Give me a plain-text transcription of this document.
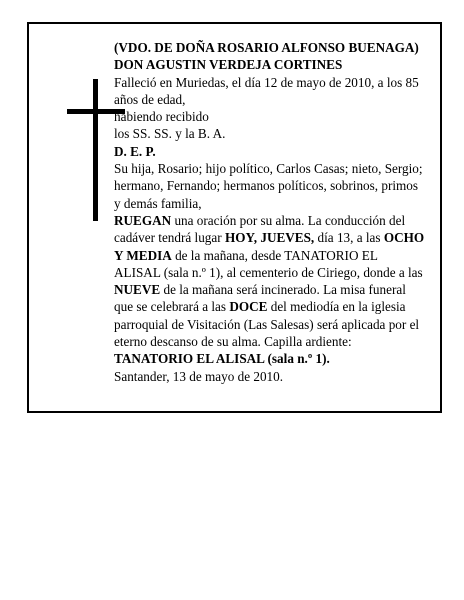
(VDO. DE DOÑA ROSARIO ALFONSO BUENAGA)

DON AGUSTIN VERDEJA CORTINES

Falleció en Muriedas, el día 12 de mayo de 2010, a los 85 años de edad,

habiendo recibido

los SS. SS. y la B. A.

D. E. P.

Su hija, Rosario; hijo político, Carlos Casas; nieto, Sergio; hermano, Fernando; hermanos políticos, sobrinos, primos y demás familia,

RUEGAN una oración por su alma. La conducción del cadáver tendrá lugar HOY, JUEVES, día 13, a las OCHO Y MEDIA de la mañana, desde TANATORIO EL ALISAL (sala n.º 1), al cementerio de Ciriego, donde a las NUEVE de la mañana será incinerado. La misa funeral que se celebrará a las DOCE del mediodía en la iglesia parroquial de Visitación (Las Salesas) será aplicada por el eterno descanso de su alma. Capilla ardiente: TANATORIO EL ALISAL (sala n.º 1).

Santander, 13 de mayo de 2010.
